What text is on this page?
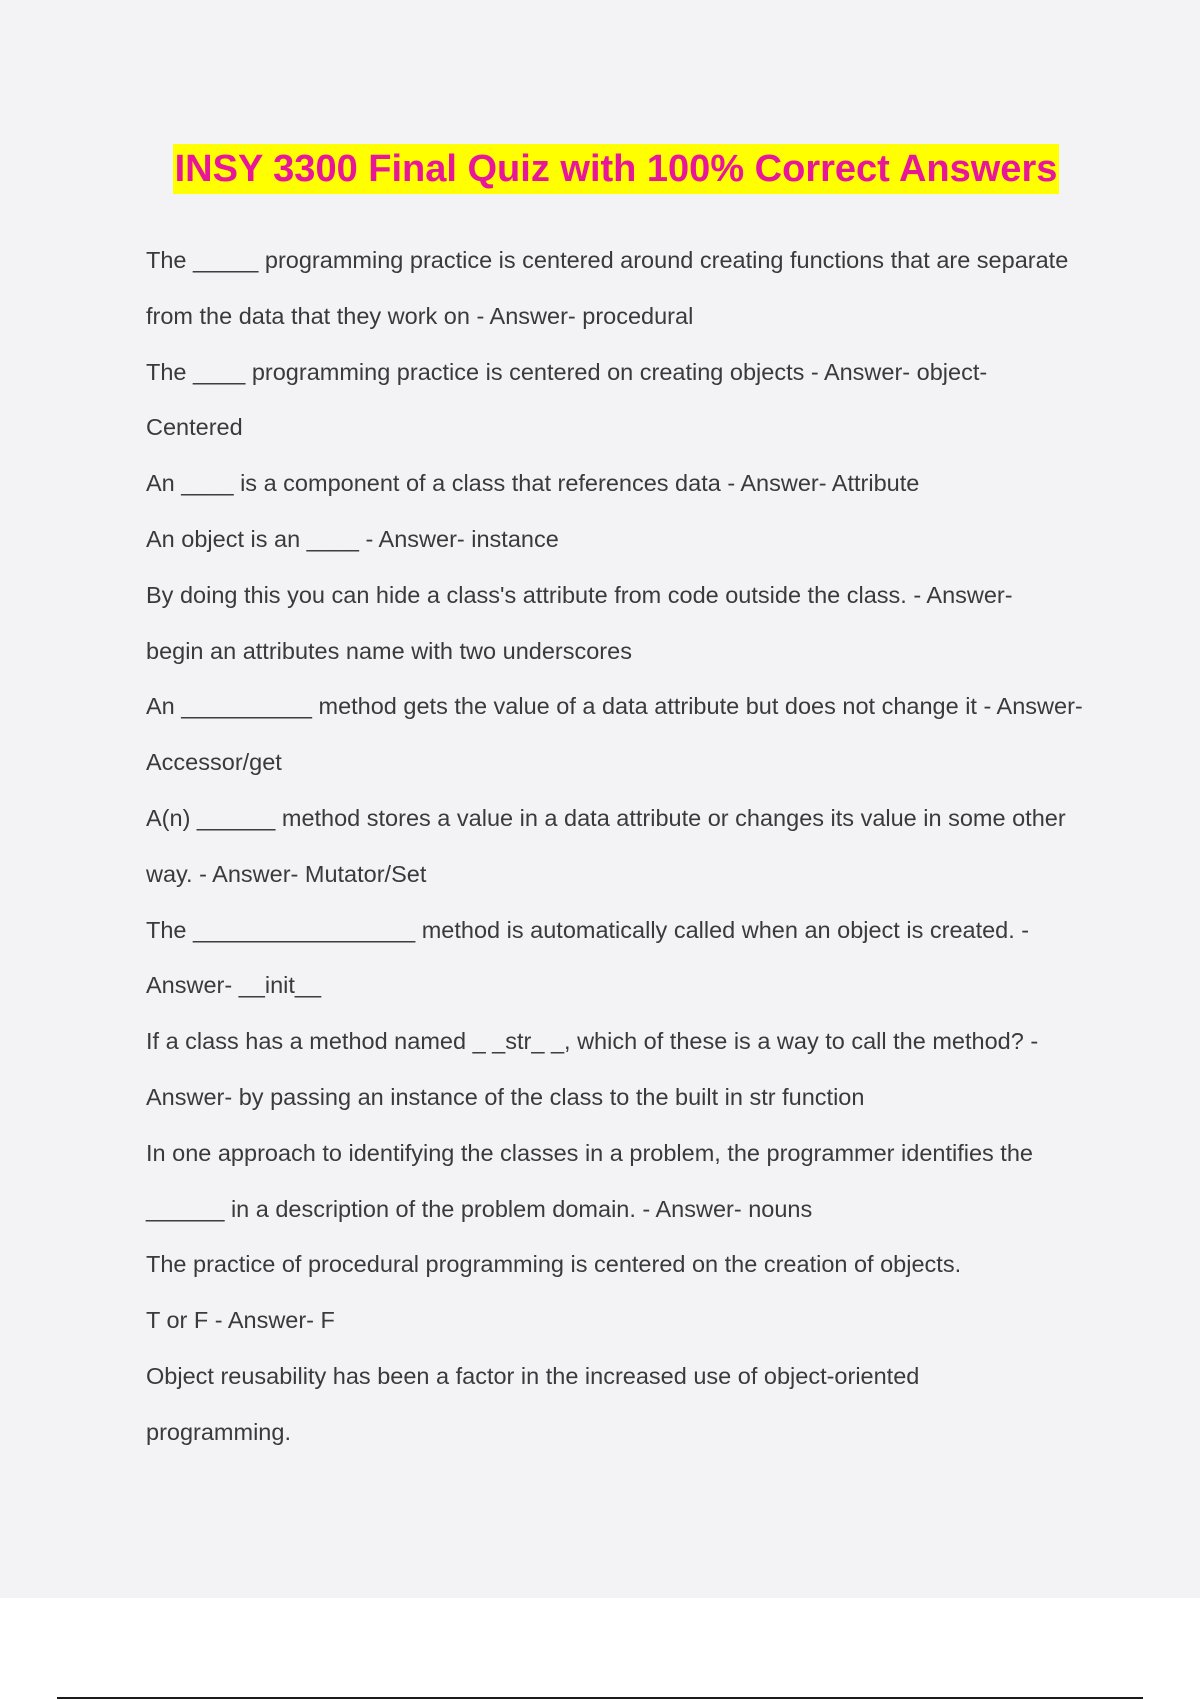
INSY 3300 Final Quiz with 100% Correct Answers

The _____ programming practice is centered around creating functions that are separate

from the data that they work on - Answer- procedural

The ____ programming practice is centered on creating objects - Answer- object-

Centered

An ____ is a component of a class that references data - Answer- Attribute

An object is an ____ - Answer- instance

By doing this you can hide a class's attribute from code outside the class. - Answer-

begin an attributes name with two underscores

An __________ method gets the value of a data attribute but does not change it - Answer-

Accessor/get

A(n) ______ method stores a value in a data attribute or changes its value in some other

way. - Answer- Mutator/Set

The _________________ method is automatically called when an object is created. -

Answer- __init__

If a class has a method named _ _str_ _, which of these is a way to call the method? -

Answer- by passing an instance of the class to the built in str function

In one approach to identifying the classes in a problem, the programmer identifies the

______ in a description of the problem domain. - Answer- nouns

The practice of procedural programming is centered on the creation of objects.

T or F - Answer- F

Object reusability has been a factor in the increased use of object-oriented

programming.
